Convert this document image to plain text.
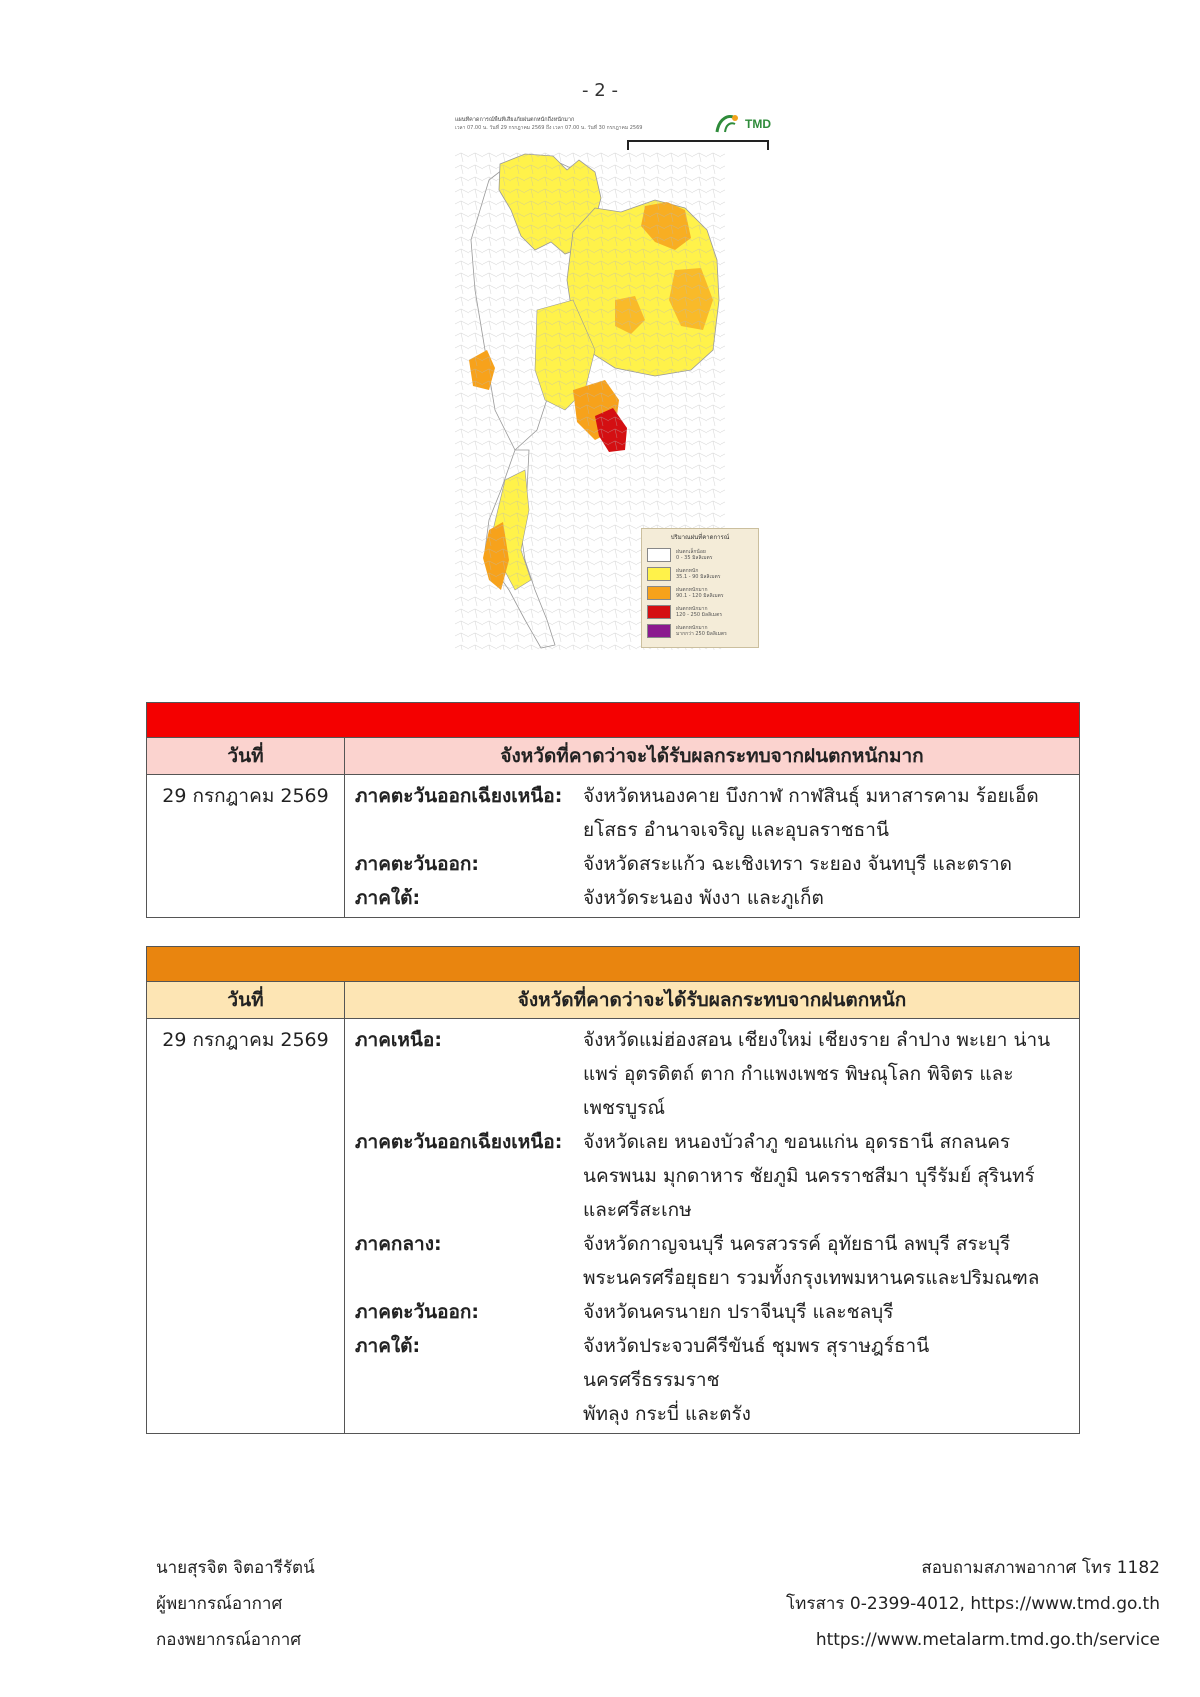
- 2 -
แผนที่คาดการณ์พื้นที่เสี่ยงภัยฝนตกหนักถึงหนักมาก
เวลา 07.00 น. วันที่ 29 กรกฎาคม 2569 ถึง เวลา 07.00 น. วันที่ 30 กรกฎาคม 2569	TMD
ปริมาณฝนที่คาดการณ์
ฝนตกเล็กน้อย
0 - 35 มิลลิเมตร
ฝนตกหนัก
35.1 - 90 มิลลิเมตร
ฝนตกหนักมาก
90.1 - 120 มิลลิเมตร
ฝนตกหนักมาก
120 - 250 มิลลิเมตร
ฝนตกหนักมาก
มากกว่า 250 มิลลิเมตร
วันที่	จังหวัดที่คาดว่าจะได้รับผลกระทบจากฝนตกหนักมาก
29 กรกฎาคม 2569	ภาคตะวันออกเฉียงเหนือ:	จังหวัดหนองคาย บึงกาฬ กาฬสินธุ์ มหาสารคาม ร้อยเอ็ด
ยโสธร อำนาจเจริญ และอุบลราชธานี
ภาคตะวันออก:	จังหวัดสระแก้ว ฉะเชิงเทรา ระยอง จันทบุรี และตราด
ภาคใต้:	จังหวัดระนอง พังงา และภูเก็ต
วันที่	จังหวัดที่คาดว่าจะได้รับผลกระทบจากฝนตกหนัก
29 กรกฎาคม 2569	ภาคเหนือ:	จังหวัดแม่ฮ่องสอน เชียงใหม่ เชียงราย ลำปาง พะเยา น่าน
แพร่ อุตรดิตถ์ ตาก กำแพงเพชร พิษณุโลก พิจิตร และเพชรบูรณ์
ภาคตะวันออกเฉียงเหนือ:	จังหวัดเลย หนองบัวลำภู ขอนแก่น อุดรธานี สกลนคร
นครพนม มุกดาหาร ชัยภูมิ นครราชสีมา บุรีรัมย์ สุรินทร์
และศรีสะเกษ
ภาคกลาง:	จังหวัดกาญจนบุรี นครสวรรค์ อุทัยธานี ลพบุรี สระบุรี
พระนครศรีอยุธยา รวมทั้งกรุงเทพมหานครและปริมณฑล
ภาคตะวันออก:	จังหวัดนครนายก ปราจีนบุรี และชลบุรี
ภาคใต้:	จังหวัดประจวบคีรีขันธ์ ชุมพร สุราษฎร์ธานี นครศรีธรรมราช
พัทลุง กระบี่ และตรัง
นายสุรจิต จิตอารีรัตน์
ผู้พยากรณ์อากาศ
กองพยากรณ์อากาศ
สอบถามสภาพอากาศ โทร 1182
โทรสาร 0-2399-4012, https://www.tmd.go.th
https://www.metalarm.tmd.go.th/service
